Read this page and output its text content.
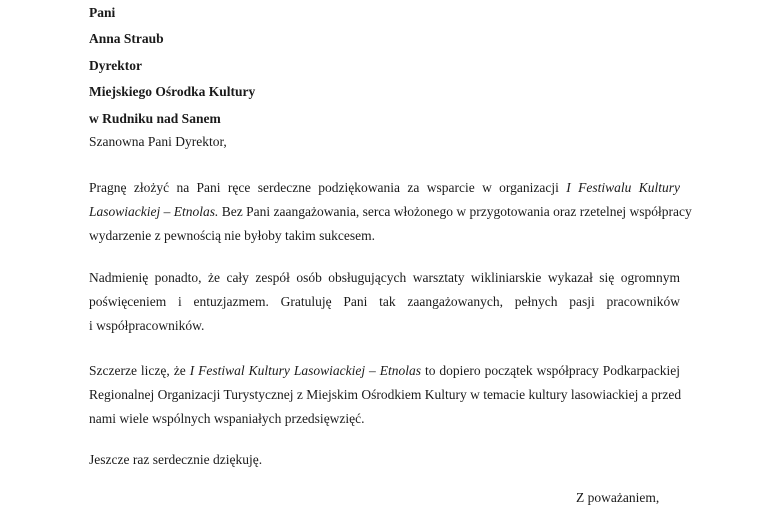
Pani
Anna Straub
Dyrektor
Miejskiego Ośrodka Kultury
w Rudniku nad Sanem
Szanowna Pani Dyrektor,
Pragnę złożyć na Pani ręce serdeczne podziękowania za wsparcie w organizacji I Festiwalu Kultury
Lasowiackiej – Etnolas. Bez Pani zaangażowania, serca włożonego w przygotowania oraz rzetelnej współpracy
wydarzenie z pewnością nie byłoby takim sukcesem.
Nadmienię ponadto, że cały zespół osób obsługujących warsztaty wikliniarskie wykazał się ogromnym
poświęceniem i entuzjazmem. Gratuluję Pani tak zaangażowanych, pełnych pasji pracowników
i współpracowników.
Szczerze liczę, że I Festiwal Kultury Lasowiackiej – Etnolas to dopiero początek współpracy Podkarpackiej
Regionalnej Organizacji Turystycznej z Miejskim Ośrodkiem Kultury w temacie kultury lasowiackiej a przed
nami wiele wspólnych wspaniałych przedsięwzięć.
Jeszcze raz serdecznie dziękuję.
Z poważaniem,
